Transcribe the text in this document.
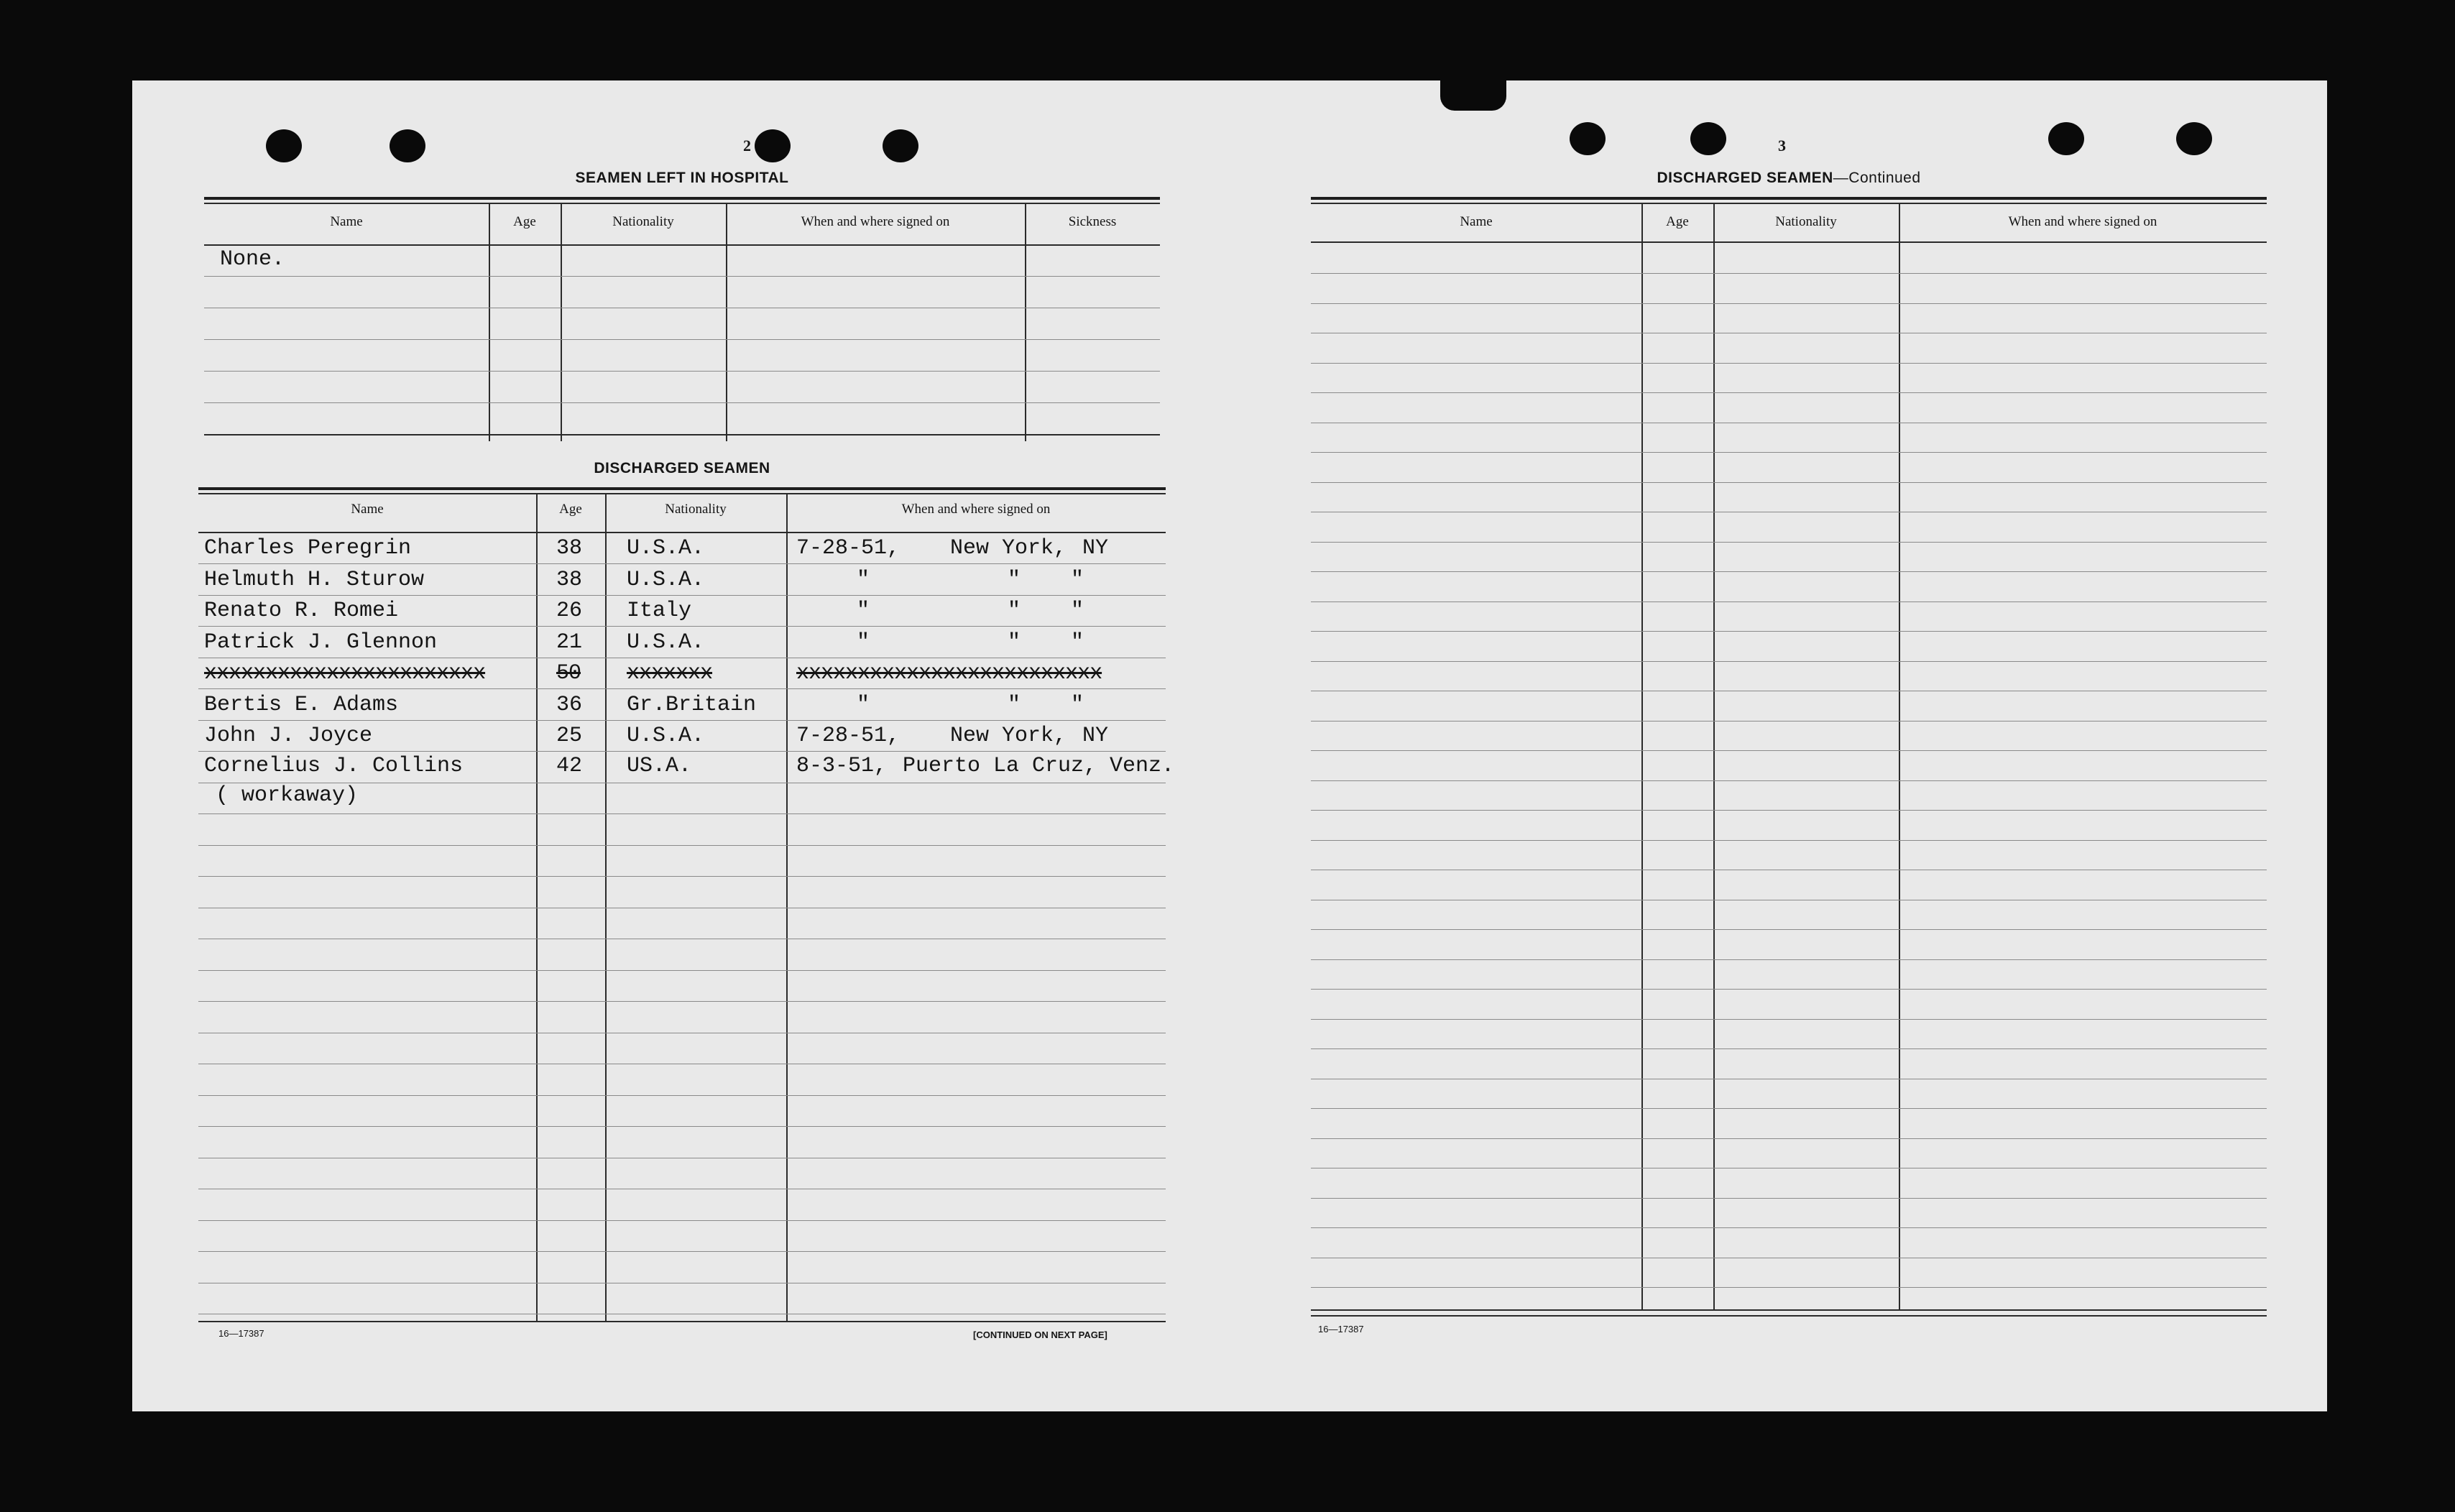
2
SEAMEN LEFT IN HOSPITAL
Name	Age	Nationality	When and where signed on	Sickness
None.
DISCHARGED SEAMEN
Name	Age	Nationality	When and where signed on
Charles Peregrin	38 U.S.A.	7-28-51, New York, NY
Helmuth H. Sturow	38 U.S.A.	"	" "
Renato R. Romei	26 Italy	"	" "
Patrick J. Glennon	21 U.S.A.	"	" "
xxxxxxxxxxxxxxxxxxxxxxx	50 xxxxxxx	xxxxxxxxxxxxxxxxxxxxxxxxx
Bertis E. Adams	36 Gr.Britain	"	" "
John J. Joyce	25 U.S.A.	7-28-51, New York, NY
Cornelius J. Collins	42 US.A.	8-3-51, Puerto La Cruz, Venz.
( workaway)
16—17387	[CONTINUED ON NEXT PAGE]
3
DISCHARGED SEAMEN—Continued
Name	Age	Nationality	When and where signed on
16—17387
